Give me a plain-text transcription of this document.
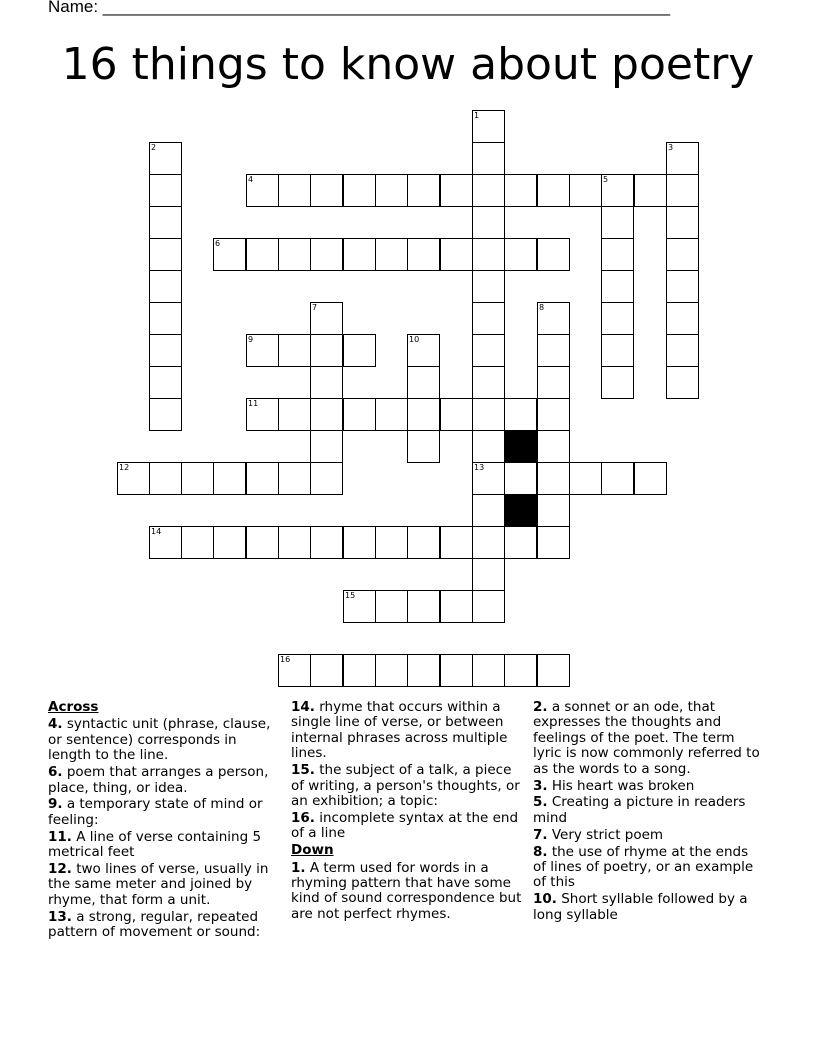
Name: ____________________________________________________________
16 things to know about poetry
1
2	3
4	5
6
7	8
9	10
11
12	13
14
15
16
Across
4. syntactic unit (phrase, clause, or sentence) corresponds in length to the line.
6. poem that arranges a person, place, thing, or idea.
9. a temporary state of mind or feeling:
11. A line of verse containing 5 metrical feet
12. two lines of verse, usually in the same meter and joined by rhyme, that form a unit.
13. a strong, regular, repeated pattern of movement or sound:
14. rhyme that occurs within a single line of verse, or between internal phrases across multiple lines.
15. the subject of a talk, a piece of writing, a person's thoughts, or an exhibition; a topic:
16. incomplete syntax at the end of a line
Down
1. A term used for words in a rhyming pattern that have some kind of sound correspondence but are not perfect rhymes.
2. a sonnet or an ode, that expresses the thoughts and feelings of the poet. The term lyric is now commonly referred to as the words to a song.
3. His heart was broken
5. Creating a picture in readers mind
7. Very strict poem
8. the use of rhyme at the ends of lines of poetry, or an example of this
10. Short syllable followed by a long syllable
